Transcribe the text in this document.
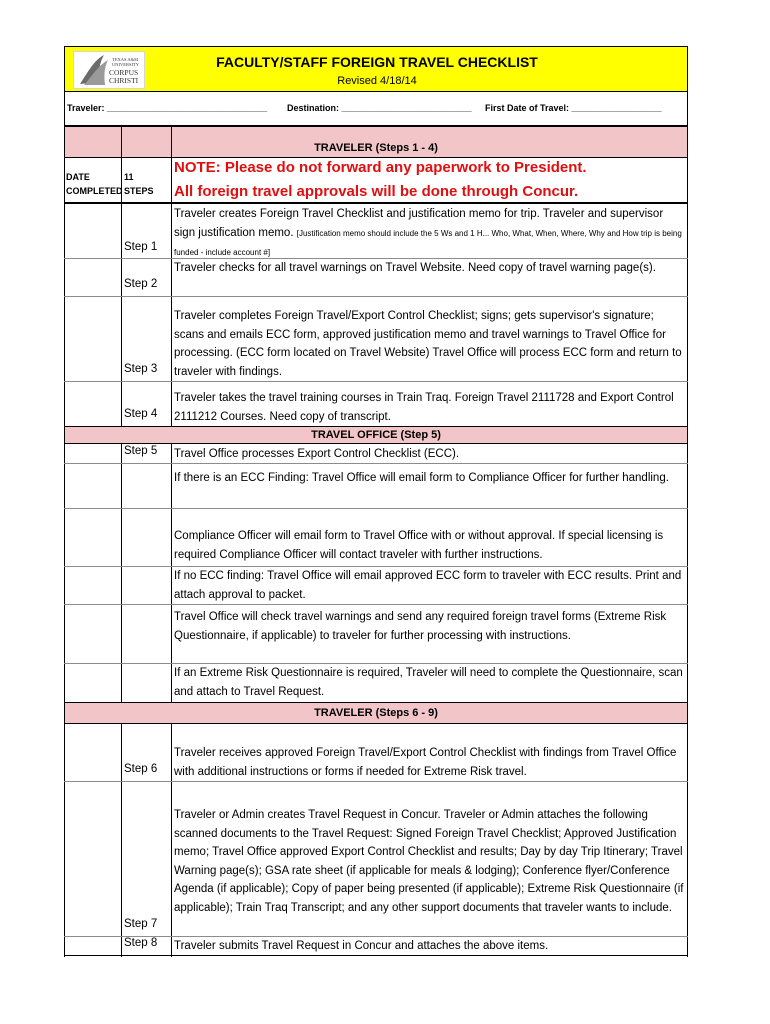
TEXAS A&M
UNIVERSITY
CORPUS
CHRISTI
FACULTY/STAFF FOREIGN TRAVEL CHECKLIST
Revised 4/18/14
Traveler: ________________________________ Destination: __________________________ First Date of Travel: __________________
TRAVELER (Steps 1 - 4)
DATE
COMPLETED
11
STEPS
NOTE: Please do not forward any paperwork to President.
All foreign travel approvals will be done through Concur.
Traveler creates Foreign Travel Checklist and justification memo for trip. Traveler and supervisor sign justification memo. [Justification memo should include the 5 Ws and 1 H... Who, What, When, Where, Why and How trip is being funded - include account #]
Step 1
Traveler checks for all travel warnings on Travel Website. Need copy of travel warning page(s).
Step 2
Traveler completes Foreign Travel/Export Control Checklist; signs; gets supervisor's signature; scans and emails ECC form, approved justification memo and travel warnings to Travel Office for processing. (ECC form located on Travel Website) Travel Office will process ECC form and return to traveler with findings.
Step 3
Traveler takes the travel training courses in Train Traq. Foreign Travel 2111728 and Export Control 2111212 Courses. Need copy of transcript.
Step 4
TRAVEL OFFICE (Step 5)
Travel Office processes Export Control Checklist (ECC).
Step 5
If there is an ECC Finding: Travel Office will email form to Compliance Officer for further handling.
Compliance Officer will email form to Travel Office with or without approval. If special licensing is required Compliance Officer will contact traveler with further instructions.
If no ECC finding: Travel Office will email approved ECC form to traveler with ECC results. Print and attach approval to packet.
Travel Office will check travel warnings and send any required foreign travel forms (Extreme Risk Questionnaire, if applicable) to traveler for further processing with instructions.
If an Extreme Risk Questionnaire is required, Traveler will need to complete the Questionnaire, scan and attach to Travel Request.
TRAVELER (Steps 6 - 9)
Traveler receives approved Foreign Travel/Export Control Checklist with findings from Travel Office with additional instructions or forms if needed for Extreme Risk travel.
Step 6
Traveler or Admin creates Travel Request in Concur. Traveler or Admin attaches the following scanned documents to the Travel Request: Signed Foreign Travel Checklist; Approved Justification memo; Travel Office approved Export Control Checklist and results; Day by day Trip Itinerary; Travel Warning page(s); GSA rate sheet (if applicable for meals & lodging); Conference flyer/Conference Agenda (if applicable); Copy of paper being presented (if applicable); Extreme Risk Questionnaire (if applicable); Train Traq Transcript; and any other support documents that traveler wants to include.
Step 7
Traveler submits Travel Request in Concur and attaches the above items.
Step 8
